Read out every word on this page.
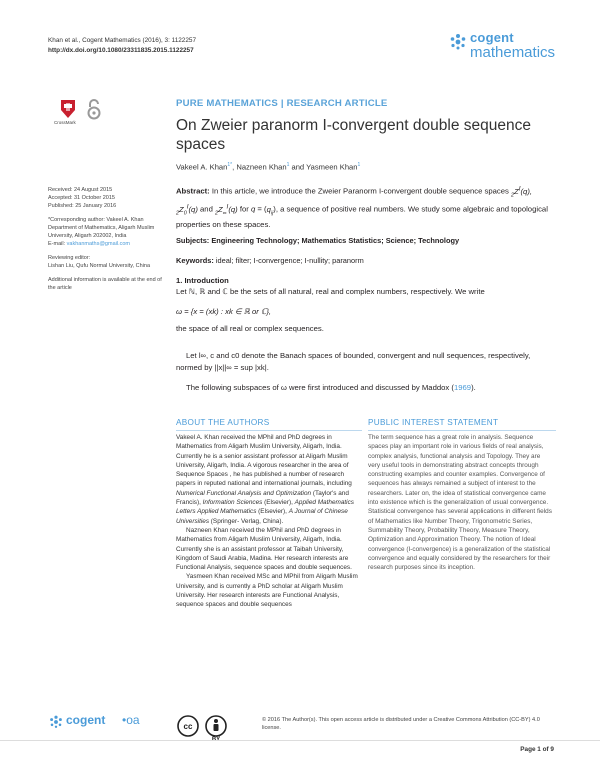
Khan et al., Cogent Mathematics (2016), 3: 1122257
http://dx.doi.org/10.1080/23311835.2015.1122257
cogent
mathematics
CrossMark
PURE MATHEMATICS | RESEARCH ARTICLE
On Zweier paranorm I-convergent double sequence spaces
Vakeel A. Khan$^{1*}$, Nazneen Khan$^1$ and Yasmeen Khan$^1$

Received: 24 August 2015
Accepted: 31 October 2015
Published: 25 January 2016

*Corresponding author: Vakeel A. Khan Department of Mathematics, Aligarh Muslim University, Aligarh 202002, India
E-mail: vakhanmaths@gmail.com

Reviewing editor:
Lishan Liu, Qufu Normal University, China

Additional information is available at the end of the article

Abstract: In this article, we introduce the Zweier Paranorm I-convergent double sequence spaces $_2Z^I(q)$, $_2Z_0^I(q)$ and $_2Z_\infty^I(q)$ for $q = (q_{ij})$, a sequence of positive real numbers. We study some algebraic and topological properties on these spaces.
Subjects: Engineering Technology; Mathematics Statistics; Science; Technology
Keywords: ideal; filter; I-convergence; I-nullity; paranorm
1. Introduction
Let ℕ, ℝ and ℂ be the sets of all natural, real and complex numbers, respectively. We write
ω = {x = (xk) : xk ∈ ℝ or ℂ},
the space of all real or complex sequences.
Let l∞, c and c0 denote the Banach spaces of bounded, convergent and null sequences, respectively, normed by ||x||∞ = sup |xk|.
The following subspaces of ω were first introduced and discussed by Maddox (1969).
ABOUT THE AUTHORS	PUBLIC INTEREST STATEMENT

Vakeel A. Khan received the MPhil and PhD degrees in Mathematics from Aligarh Muslim University, Aligarh, India. Currently he is a senior assistant professor at Aligarh Muslim University, Aligarh, India. A vigorous researcher in the area of Sequence Spaces , he has published a number of research papers in reputed national and international journals, including Numerical Functional Analysis and Optimization (Taylor's and Francis), Information Sciences (Elsevier), Applied Mathematics Letters Applied Mathematics (Elsevier), A Journal of Chinese Universities (Springer- Verlag, China).

Nazneen Khan received the MPhil and PhD degrees in Mathematics from Aligarh Muslim University, Aligarh, India. Currently she is an assistant professor at Taibah University, Kingdom of Saudi Arabia, Madina. Her research interests are Functional Analysis, sequence spaces and double sequences.

Yasmeen Khan received MSc and MPhil from Aligarh Muslim University, and is currently a PhD scholar at Aligarh Muslim University. Her research interests are Functional Analysis, sequence spaces and double sequences

The term sequence has a great role in analysis. Sequence spaces play an important role in various fields of real analysis, complex analysis, functional analysis and Topology. They are very useful tools in demonstrating abstract concepts through constructing examples and counter examples. Convergence of sequences has always remained a subject of interest to the researchers. Later on, the idea of statistical convergence came into existence which is the generalization of usual convergence. Statistical convergence has several applications in different fields of Mathematics like Number Theory, Trigonometric Series, Summability Theory, Probability Theory, Measure Theory, Optimization and Approximation Theory. The notion of Ideal convergence (I-convergence) is a generalization of the statistical convergence and equally considered by the researchers for their research purposes since its inception.
cogent •oa	cc
© 2016 The Author(s). This open access article is distributed under a Creative Commons Attribution (CC-BY) 4.0 license.
Page 1 of 9
